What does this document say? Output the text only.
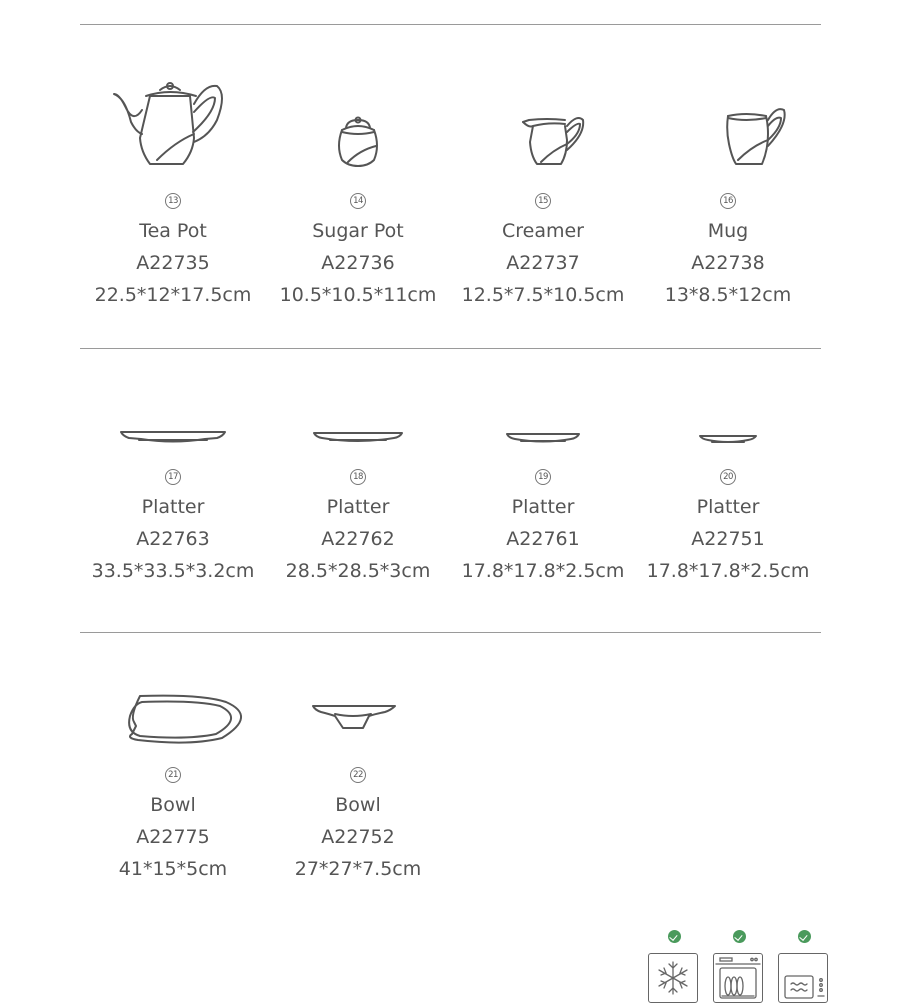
13
Tea Pot
A22735
22.5*12*17.5cm
14
Sugar Pot
A22736
10.5*10.5*11cm
15
Creamer
A22737
12.5*7.5*10.5cm
16
Mug
A22738
13*8.5*12cm
17
Platter
A22763
33.5*33.5*3.2cm
18
Platter
A22762
28.5*28.5*3cm
19
Platter
A22761
17.8*17.8*2.5cm
20
Platter
A22751
17.8*17.8*2.5cm
21
Bowl
A22775
41*15*5cm
22
Bowl
A22752
27*27*7.5cm
